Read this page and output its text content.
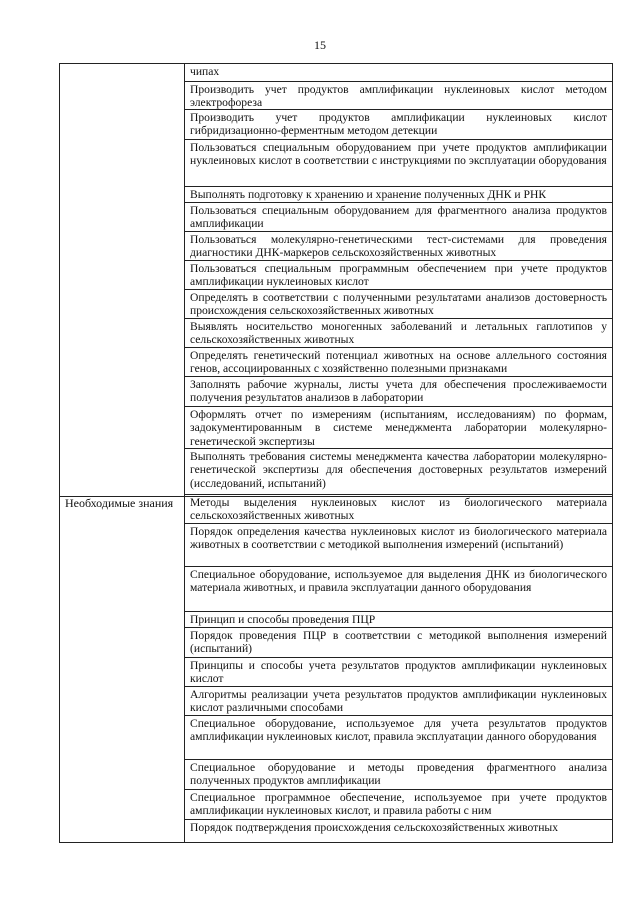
15
Необходимые знания
чипах
Производить учет продуктов амплификации нуклеиновых кислот методом электрофореза
Производить учет продуктов амплификации нуклеиновых кислот гибридизационно-ферментным методом детекции
Пользоваться специальным оборудованием при учете продуктов амплификации нуклеиновых кислот в соответствии с инструкциями по эксплуатации оборудования
Выполнять подготовку к хранению и хранение полученных ДНК и РНК
Пользоваться специальным оборудованием для фрагментного анализа продуктов амплификации
Пользоваться молекулярно-генетическими тест-системами для проведения диагностики ДНК-маркеров сельскохозяйственных животных
Пользоваться специальным программным обеспечением при учете продуктов амплификации нуклеиновых кислот
Определять в соответствии с полученными результатами анализов достоверность происхождения сельскохозяйственных животных
Выявлять носительство моногенных заболеваний и летальных гаплотипов у сельскохозяйственных животных
Определять генетический потенциал животных на основе аллельного состояния генов, ассоциированных с хозяйственно полезными признаками
Заполнять рабочие журналы, листы учета для обеспечения прослеживаемости получения результатов анализов в лаборатории
Оформлять отчет по измерениям (испытаниям, исследованиям) по формам, задокументированным в системе менеджмента лаборатории молекулярно-генетической экспертизы
Выполнять требования системы менеджмента качества лаборатории молекулярно-генетической экспертизы для обеспечения достоверных результатов измерений (исследований, испытаний)
Методы выделения нуклеиновых кислот из биологического материала сельскохозяйственных животных
Порядок определения качества нуклеиновых кислот из биологического материала животных в соответствии с методикой выполнения измерений (испытаний)
Специальное оборудование, используемое для выделения ДНК из биологического материала животных, и правила эксплуатации данного оборудования
Принцип и способы проведения ПЦР
Порядок проведения ПЦР в соответствии с методикой выполнения измерений (испытаний)
Принципы и способы учета результатов продуктов амплификации нуклеиновых кислот
Алгоритмы реализации учета результатов продуктов амплификации нуклеиновых кислот различными способами
Специальное оборудование, используемое для учета результатов продуктов амплификации нуклеиновых кислот, правила эксплуатации данного оборудования
Специальное оборудование и методы проведения фрагментного анализа полученных продуктов амплификации
Специальное программное обеспечение, используемое при учете продуктов амплификации нуклеиновых кислот, и правила работы с ним
Порядок подтверждения происхождения сельскохозяйственных животных
